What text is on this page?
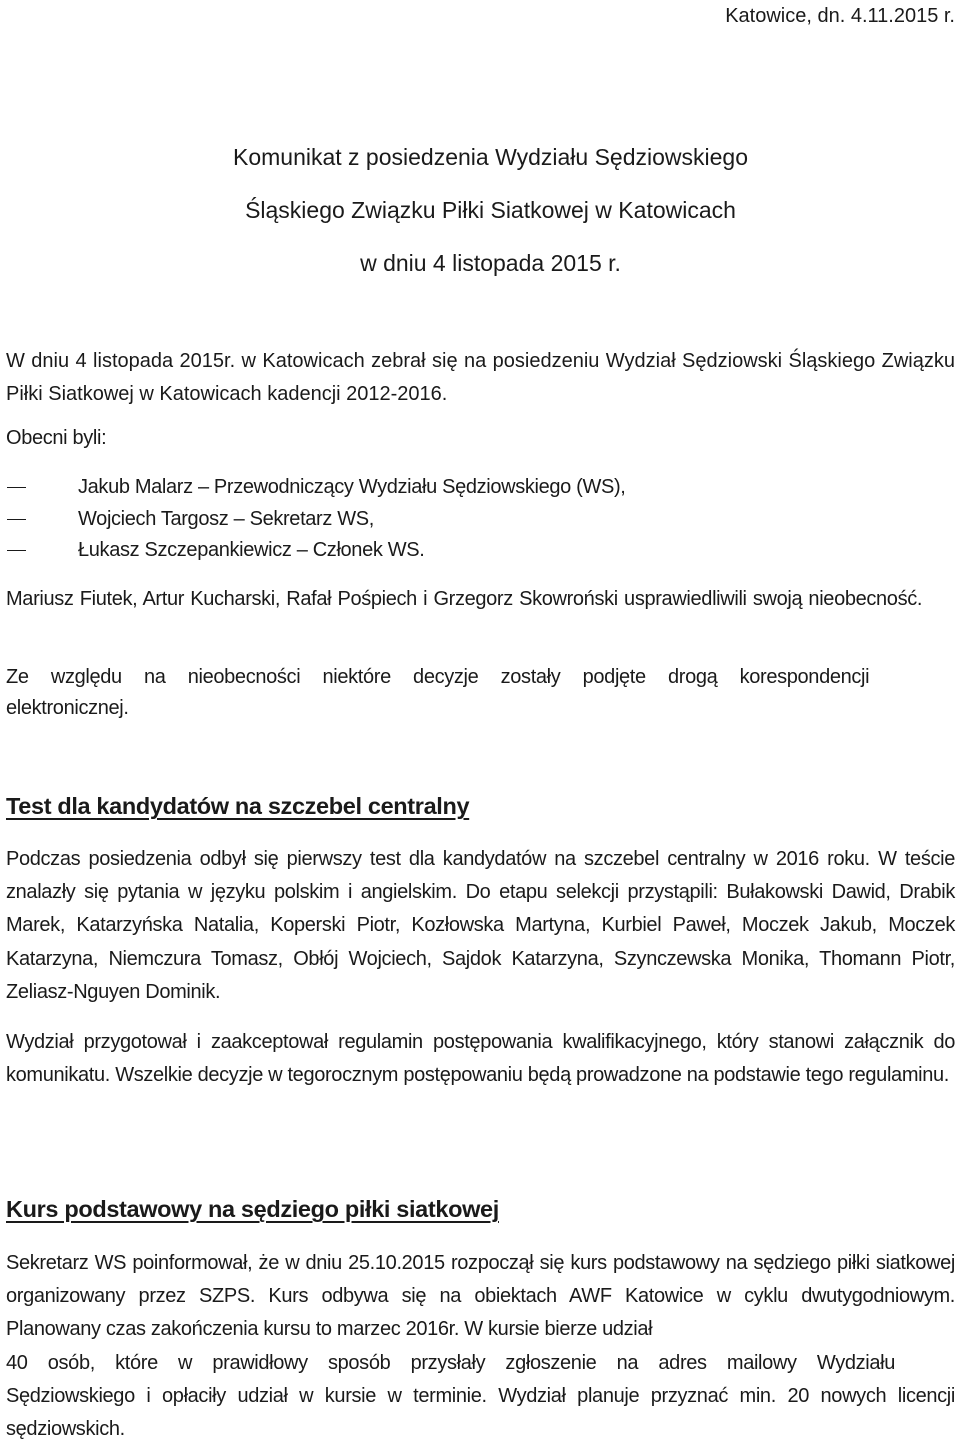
Katowice, dn. 4.11.2015 r.

Komunikat z posiedzenia Wydziału Sędziowskiego

Śląskiego Związku Piłki Siatkowej w Katowicach

w dniu 4 listopada 2015 r.

W dniu 4 listopada 2015r. w Katowicach zebrał się na posiedzeniu Wydział Sędziowski Śląskiego Związku Piłki Siatkowej w Katowicach kadencji 2012-2016.

Obecni byli:

Jakub Malarz – Przewodniczący Wydziału Sędziowskiego (WS),
Wojciech Targosz – Sekretarz WS,
Łukasz Szczepankiewicz – Członek WS.

Mariusz Fiutek, Artur Kucharski, Rafał Pośpiech i Grzegorz Skowroński usprawiedliwili swoją nieobecność.

Ze względu na nieobecności niektóre decyzje zostały podjęte drogą korespondencji
elektronicznej.

Test dla kandydatów na szczebel centralny

Podczas posiedzenia odbył się pierwszy test dla kandydatów na szczebel centralny w 2016 roku. W teście znalazły się pytania w języku polskim i angielskim. Do etapu selekcji przystąpili: Bułakowski Dawid, Drabik Marek, Katarzyńska Natalia, Koperski Piotr, Kozłowska Martyna, Kurbiel Paweł, Moczek Jakub, Moczek Katarzyna, Niemczura Tomasz, Obłój Wojciech, Sajdok Katarzyna, Szynczewska Monika, Thomann Piotr, Zeliasz-Nguyen Dominik.

Wydział przygotował i zaakceptował regulamin postępowania kwalifikacyjnego, który stanowi załącznik do komunikatu. Wszelkie decyzje w tegorocznym postępowaniu będą prowadzone na podstawie tego regulaminu.

Kurs podstawowy na sędziego piłki siatkowej

Sekretarz WS poinformował, że w dniu 25.10.2015 rozpoczął się kurs podstawowy na sędziego piłki siatkowej organizowany przez SZPS. Kurs odbywa się na obiektach AWF Katowice w cyklu dwutygodniowym. Planowany czas zakończenia kursu to marzec 2016r. W kursie bierze udział
40 osób, które w prawidłowy sposób przysłały zgłoszenie na adres mailowy Wydziału
Sędziowskiego i opłaciły udział w kursie w terminie. Wydział planuje przyznać min. 20 nowych licencji sędziowskich.
